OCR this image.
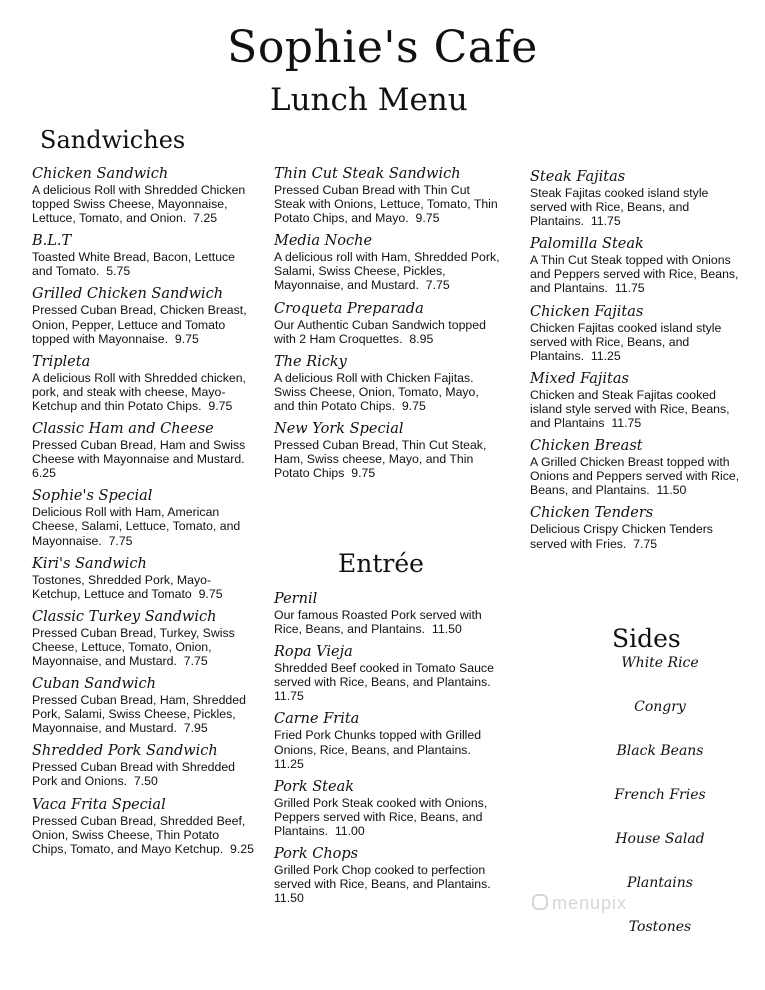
Sophie's Cafe
Lunch Menu
Sandwiches
Chicken Sandwich
A delicious Roll with Shredded Chicken topped Swiss Cheese, Mayonnaise, Lettuce, Tomato, and Onion. 7.25
B.L.T
Toasted White Bread, Bacon, Lettuce and Tomato. 5.75
Grilled Chicken Sandwich
Pressed Cuban Bread, Chicken Breast, Onion, Pepper, Lettuce and Tomato topped with Mayonnaise. 9.75
Tripleta
A delicious Roll with Shredded chicken, pork, and steak with cheese, Mayo-Ketchup and thin Potato Chips. 9.75
Classic Ham and Cheese
Pressed Cuban Bread, Ham and Swiss Cheese with Mayonnaise and Mustard.  6.25
Sophie's Special
Delicious Roll with Ham, American Cheese, Salami, Lettuce, Tomato, and Mayonnaise. 7.75
Kiri's Sandwich
Tostones, Shredded Pork, Mayo-Ketchup, Lettuce and Tomato 9.75
Classic Turkey Sandwich
Pressed Cuban Bread, Turkey, Swiss Cheese, Lettuce, Tomato, Onion, Mayonnaise, and Mustard. 7.75
Cuban Sandwich
Pressed Cuban Bread, Ham, Shredded Pork, Salami, Swiss Cheese, Pickles, Mayonnaise, and Mustard. 7.95
Shredded Pork Sandwich
Pressed Cuban Bread with Shredded Pork and Onions. 7.50
Vaca Frita Special
Pressed Cuban Bread, Shredded Beef, Onion, Swiss Cheese, Thin Potato Chips, Tomato, and Mayo Ketchup. 9.25
Thin Cut Steak Sandwich
Pressed Cuban Bread with Thin Cut Steak with Onions, Lettuce, Tomato, Thin Potato Chips, and Mayo. 9.75
Media Noche
A delicious roll with Ham, Shredded Pork, Salami, Swiss Cheese, Pickles, Mayonnaise, and Mustard. 7.75
Croqueta Preparada
Our Authentic Cuban Sandwich topped with 2 Ham Croquettes. 8.95
The Ricky
A delicious Roll with Chicken Fajitas. Swiss Cheese, Onion, Tomato, Mayo, and thin Potato Chips. 9.75
New York Special
Pressed Cuban Bread, Thin Cut Steak, Ham, Swiss cheese, Mayo, and Thin Potato Chips 9.75
Entrée
Pernil
Our famous Roasted Pork served with Rice, Beans, and Plantains. 11.50
Ropa Vieja
Shredded Beef cooked in Tomato Sauce served with Rice, Beans, and Plantains.  11.75
Carne Frita
Fried Pork Chunks topped with Grilled Onions, Rice, Beans, and Plantains.  11.25
Pork Steak
Grilled Pork Steak cooked with Onions, Peppers served with Rice, Beans, and Plantains. 11.00
Pork Chops
Grilled Pork Chop cooked to perfection served with Rice, Beans, and Plantains.  11.50
Steak Fajitas
Steak Fajitas cooked island style served with Rice, Beans, and Plantains. 11.75
Palomilla Steak
A Thin Cut Steak topped with Onions and Peppers served with Rice, Beans, and Plantains. 11.75
Chicken Fajitas
Chicken Fajitas cooked island style served with Rice, Beans, and Plantains. 11.25
Mixed Fajitas
Chicken and Steak Fajitas cooked island style served with Rice, Beans, and Plantains 11.75
Chicken Breast
A Grilled Chicken Breast topped with Onions and Peppers served with Rice, Beans, and Plantains. 11.50
Chicken Tenders
Delicious Crispy Chicken Tenders served with Fries. 7.75
Sides
White Rice
Congry
Black Beans
French Fries
House Salad
Plantains
Tostones
menupix
